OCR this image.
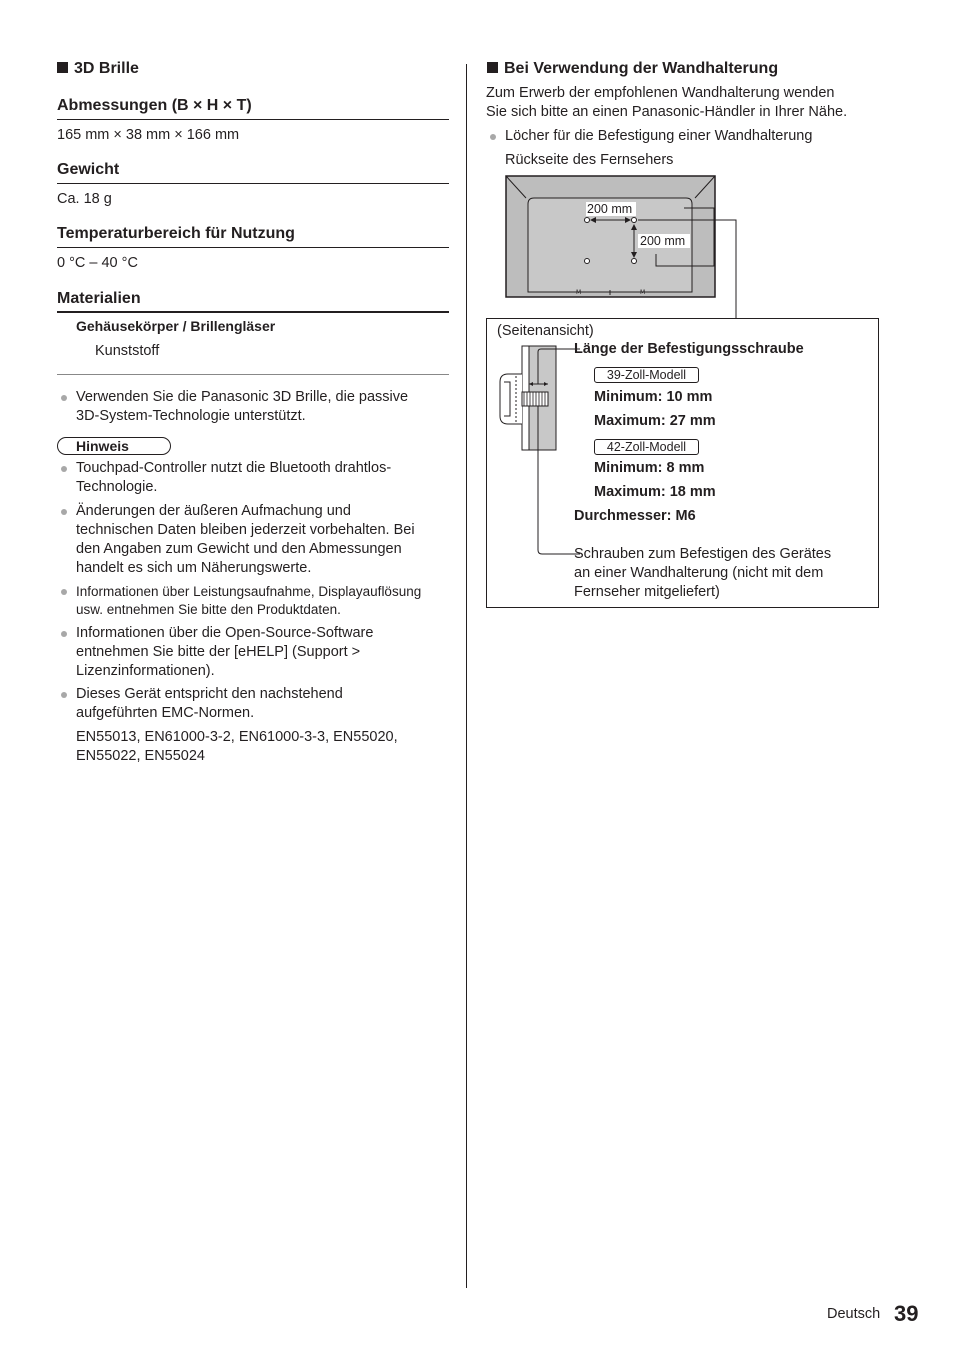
3D Brille
Abmessungen (B × H × T)
165 mm × 38 mm × 166 mm
Gewicht
Ca. 18 g
Temperaturbereich für Nutzung
0 °C – 40 °C
Materialien
Gehäusekörper / Brillengläser
Kunststoff
Verwenden Sie die Panasonic 3D Brille, die passive
3D-System-Technologie unterstützt.
Hinweis
Touchpad-Controller nutzt die Bluetooth drahtlos-
Technologie.
Änderungen der äußeren Aufmachung und
technischen Daten bleiben jederzeit vorbehalten. Bei
den Angaben zum Gewicht und den Abmessungen
handelt es sich um Näherungswerte.
Informationen über Leistungsaufnahme, Displayauflösung
usw. entnehmen Sie bitte den Produktdaten.
Informationen über die Open-Source-Software
entnehmen Sie bitte der [eHELP] (Support >
Lizenzinformationen).
Dieses Gerät entspricht den nachstehend
aufgeführten EMC-Normen.
EN55013, EN61000-3-2, EN61000-3-3, EN55020,
EN55022, EN55024
Bei Verwendung der Wandhalterung
Zum Erwerb der empfohlenen Wandhalterung wenden
Sie sich bitte an einen Panasonic-Händler in Ihrer Nähe.
Löcher für die Befestigung einer Wandhalterung
Rückseite des Fernsehers
M	M
200 mm
200 mm
(Seitenansicht)
Länge der Befestigungsschraube
39-Zoll-Modell
Minimum: 10 mm
Maximum: 27 mm
42-Zoll-Modell
Minimum: 8 mm
Maximum: 18 mm
Durchmesser: M6
Schrauben zum Befestigen des Gerätes
an einer Wandhalterung (nicht mit dem
Fernseher mitgeliefert)
Deutsch 39
